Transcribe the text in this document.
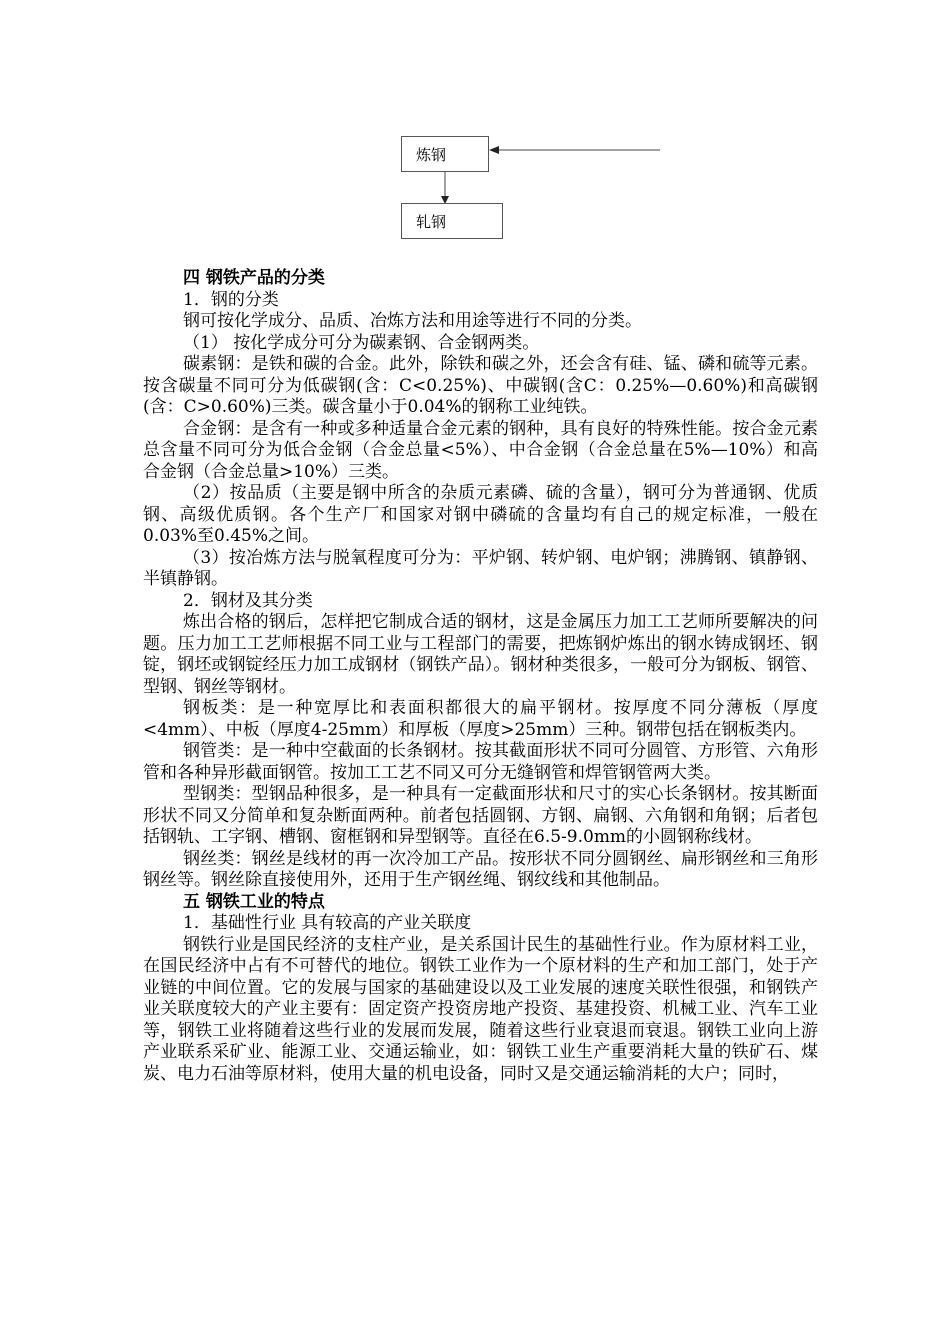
炼钢
轧钢

四 钢铁产品的分类

1．钢的分类

钢可按化学成分、品质、冶炼方法和用途等进行不同的分类。

（1） 按化学成分可分为碳素钢、合金钢两类。

碳素钢：是铁和碳的合金。此外，除铁和碳之外，还会含有硅、锰、磷和硫等元素。按含碳量不同可分为低碳钢(含：C<0.25%)、中碳钢(含C：0.25%—0.60%)和高碳钢(含：C>0.60%)三类。碳含量小于0.04%的钢称工业纯铁。

合金钢：是含有一种或多种适量合金元素的钢种，具有良好的特殊性能。按合金元素总含量不同可分为低合金钢（合金总量<5%）、中合金钢（合金总量在5%—10%）和高合金钢（合金总量>10%）三类。

（2）按品质（主要是钢中所含的杂质元素磷、硫的含量），钢可分为普通钢、优质钢、高级优质钢。各个生产厂和国家对钢中磷硫的含量均有自己的规定标准，一般在0.03%至0.45%之间。

（3）按冶炼方法与脱氧程度可分为：平炉钢、转炉钢、电炉钢；沸腾钢、镇静钢、半镇静钢。

2．钢材及其分类

炼出合格的钢后，怎样把它制成合适的钢材，这是金属压力加工工艺师所要解决的问题。压力加工工艺师根据不同工业与工程部门的需要，把炼钢炉炼出的钢水铸成钢坯、钢锭，钢坯或钢锭经压力加工成钢材（钢铁产品）。钢材种类很多，一般可分为钢板、钢管、型钢、钢丝等钢材。

钢板类：是一种宽厚比和表面积都很大的扁平钢材。按厚度不同分薄板（厚度<4mm）、中板（厚度4-25mm）和厚板（厚度>25mm）三种。钢带包括在钢板类内。

钢管类：是一种中空截面的长条钢材。按其截面形状不同可分圆管、方形管、六角形管和各种异形截面钢管。按加工工艺不同又可分无缝钢管和焊管钢管两大类。

型钢类：型钢品种很多，是一种具有一定截面形状和尺寸的实心长条钢材。按其断面形状不同又分简单和复杂断面两种。前者包括圆钢、方钢、扁钢、六角钢和角钢；后者包括钢轨、工字钢、槽钢、窗框钢和异型钢等。直径在6.5-9.0mm的小圆钢称线材。

钢丝类：钢丝是线材的再一次冷加工产品。按形状不同分圆钢丝、扁形钢丝和三角形钢丝等。钢丝除直接使用外，还用于生产钢丝绳、钢纹线和其他制品。

五 钢铁工业的特点

1．基础性行业 具有较高的产业关联度

钢铁行业是国民经济的支柱产业，是关系国计民生的基础性行业。作为原材料工业，在国民经济中占有不可替代的地位。钢铁工业作为一个原材料的生产和加工部门，处于产业链的中间位置。它的发展与国家的基础建设以及工业发展的速度关联性很强，和钢铁产业关联度较大的产业主要有：固定资产投资房地产投资、基建投资、机械工业、汽车工业等，钢铁工业将随着这些行业的发展而发展，随着这些行业衰退而衰退。钢铁工业向上游产业联系采矿业、能源工业、交通运输业，如：钢铁工业生产重要消耗大量的铁矿石、煤炭、电力石油等原材料，使用大量的机电设备，同时又是交通运输消耗的大户；同时，
